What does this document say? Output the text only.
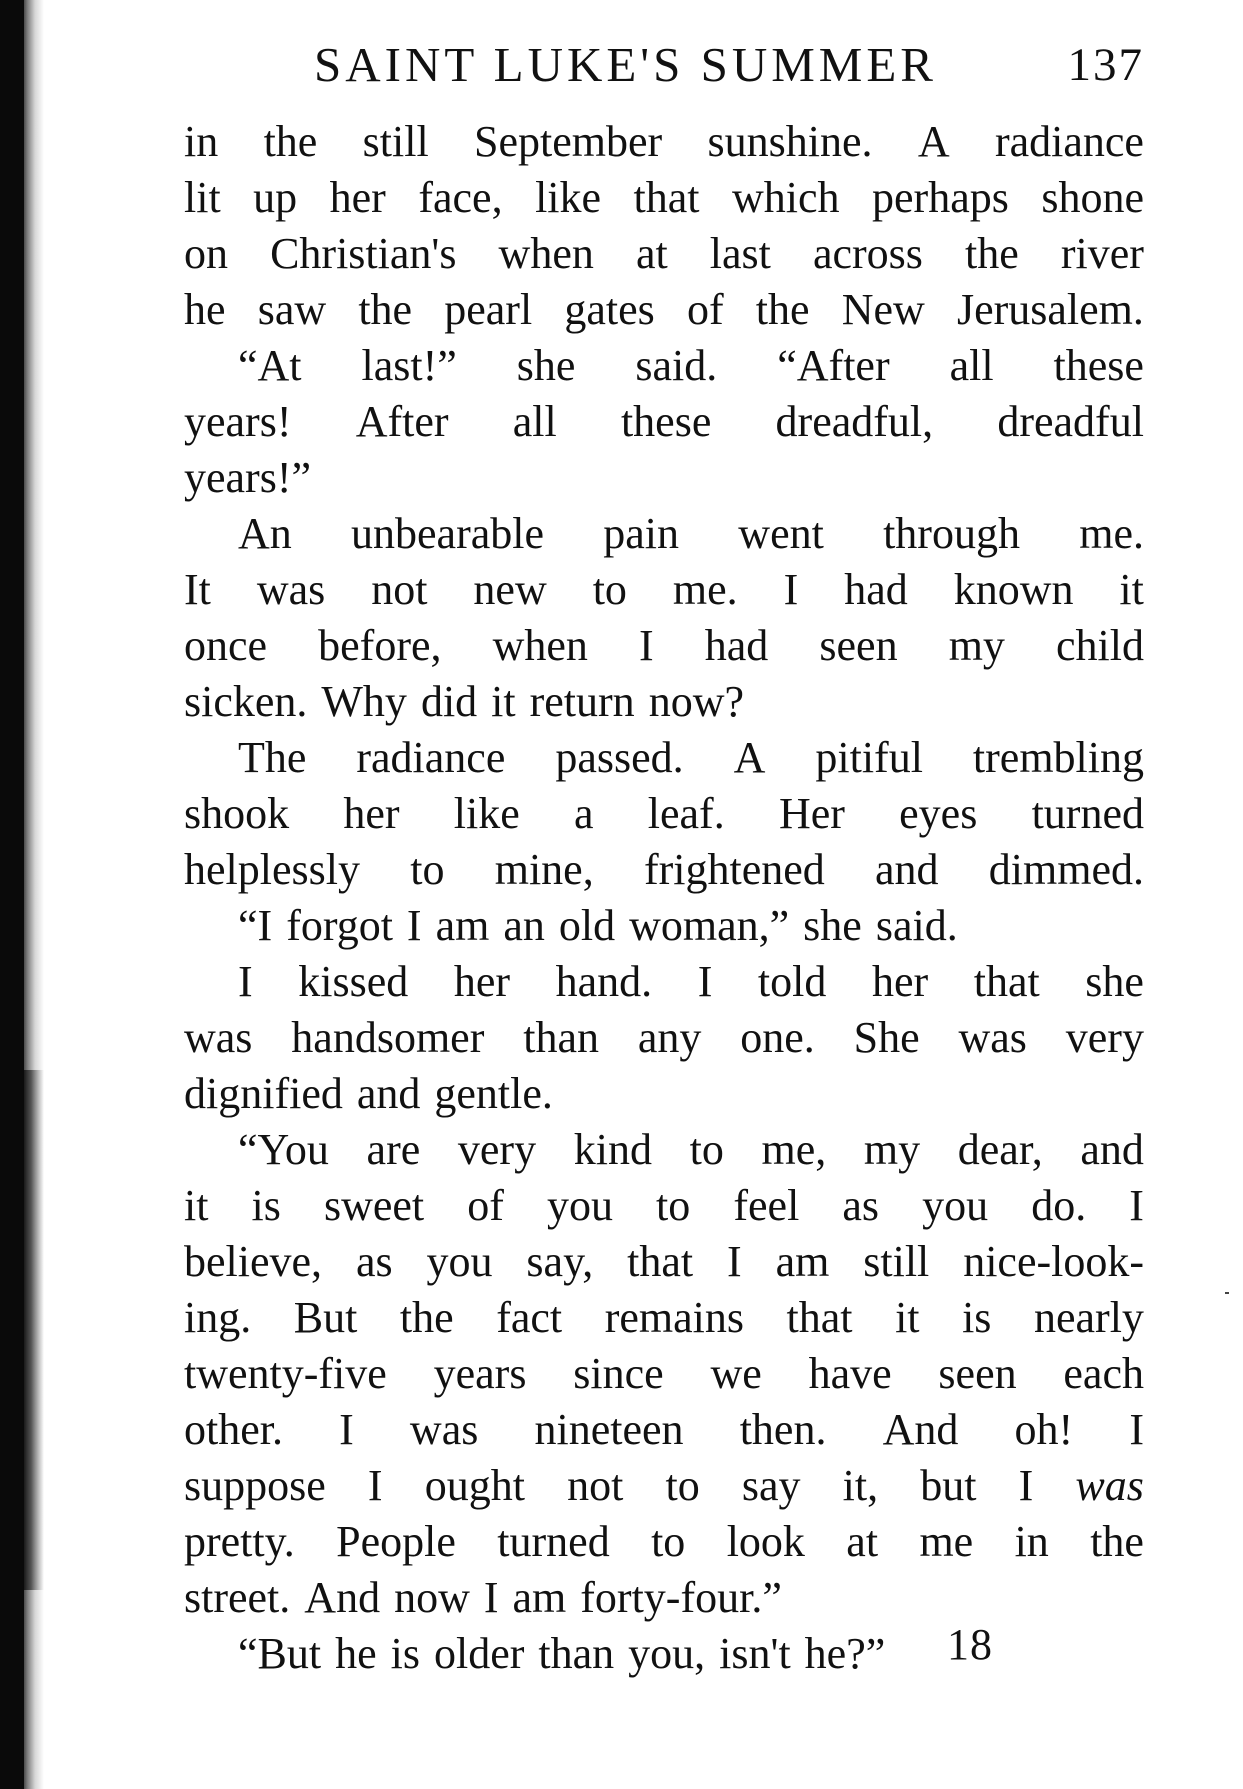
SAINT LUKE'S SUMMER	137
in the still September sunshine. A radiance
lit up her face, like that which perhaps shone
on Christian's when at last across the river
he saw the pearl gates of the New Jerusalem.
“At last!” she said. “After all these
years! After all these dreadful, dreadful
years!”
An unbearable pain went through me.
It was not new to me. I had known it
once before, when I had seen my child
sicken. Why did it return now?
The radiance passed. A pitiful trembling
shook her like a leaf. Her eyes turned
helplessly to mine, frightened and dimmed.
“I forgot I am an old woman,” she said.
I kissed her hand. I told her that she
was handsomer than any one. She was very
dignified and gentle.
“You are very kind to me, my dear, and
it is sweet of you to feel as you do. I
believe, as you say, that I am still nice-look-
ing. But the fact remains that it is nearly
twenty-five years since we have seen each
other. I was nineteen then. And oh! I
suppose I ought not to say it, but I was
pretty. People turned to look at me in the
street. And now I am forty-four.”
“But he is older than you, isn't he?” 18
